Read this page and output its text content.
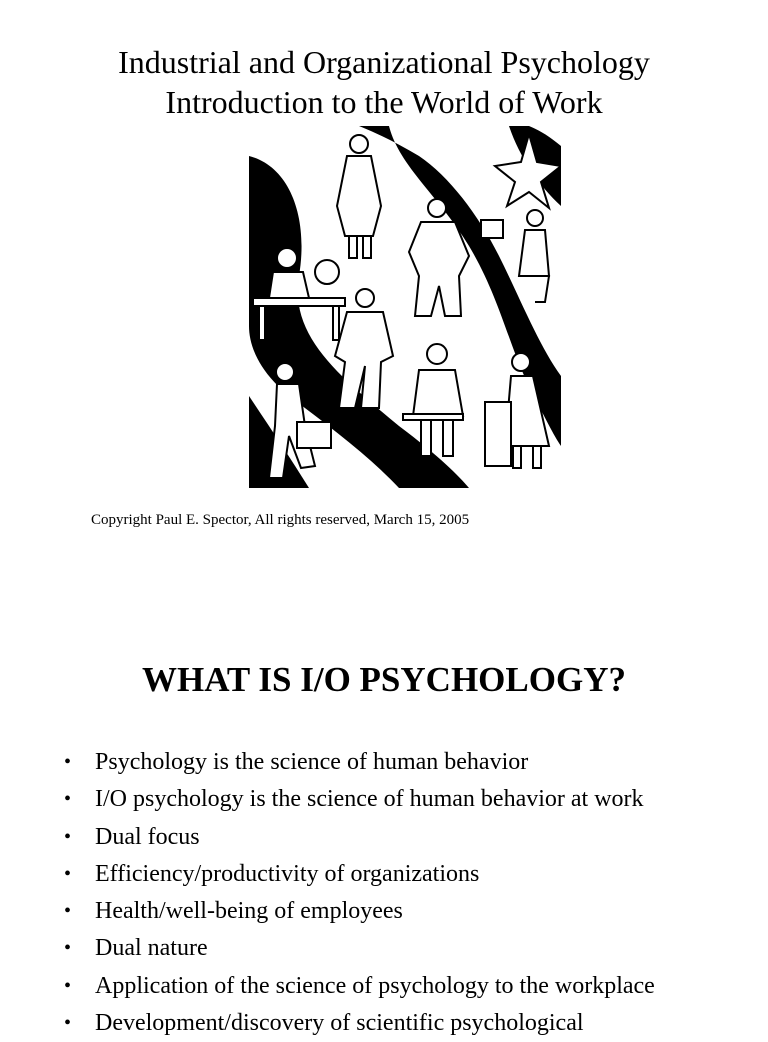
Industrial and Organizational Psychology
Introduction to the World of Work
Copyright Paul E. Spector, All rights reserved, March 15, 2005
WHAT IS I/O PSYCHOLOGY?
• Psychology is the science of human behavior
• I/O psychology is the science of human behavior at work
• Dual focus
• Efficiency/productivity of organizations
• Health/well-being of employees
• Dual nature
• Application of the science of psychology to the workplace
• Development/discovery of scientific psychological
